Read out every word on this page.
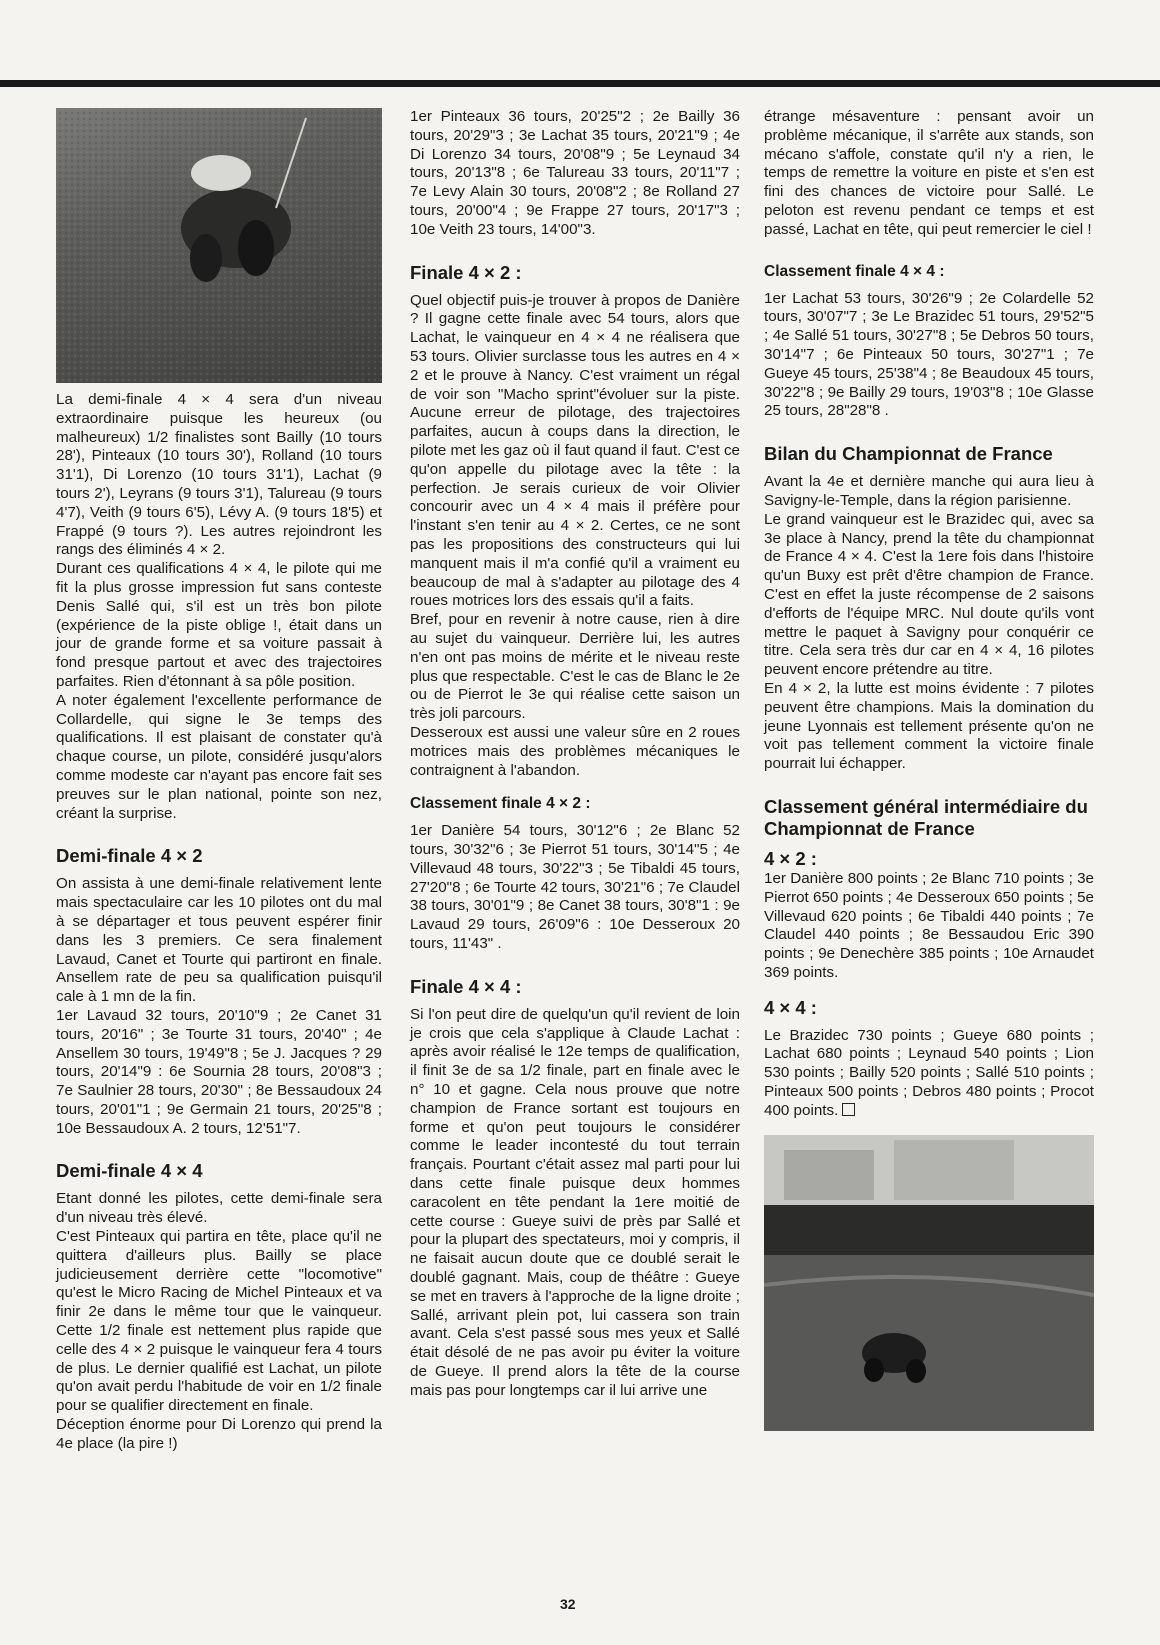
La demi-finale 4 × 4 sera d'un niveau extraordinaire puisque les heureux (ou malheureux) 1/2 finalistes sont Bailly (10 tours 28'), Pinteaux (10 tours 30'), Rolland (10 tours 31'1), Di Lorenzo (10 tours 31'1), Lachat (9 tours 2'), Leyrans (9 tours 3'1), Talureau (9 tours 4'7), Veith (9 tours 6'5), Lévy A. (9 tours 18'5) et Frappé (9 tours ?). Les autres rejoindront les rangs des éliminés 4 × 2.

Durant ces qualifications 4 × 4, le pilote qui me fit la plus grosse impression fut sans conteste Denis Sallé qui, s'il est un très bon pilote (expérience de la piste oblige !, était dans un jour de grande forme et sa voiture passait à fond presque partout et avec des trajectoires parfaites. Rien d'étonnant à sa pôle position.

A noter également l'excellente performance de Collardelle, qui signe le 3e temps des qualifications. Il est plaisant de constater qu'à chaque course, un pilote, considéré jusqu'alors comme modeste car n'ayant pas encore fait ses preuves sur le plan national, pointe son nez, créant la surprise.

Demi-finale 4 × 2

On assista à une demi-finale relativement lente mais spectaculaire car les 10 pilotes ont du mal à se départager et tous peuvent espérer finir dans les 3 premiers. Ce sera finalement Lavaud, Canet et Tourte qui partiront en finale. Ansellem rate de peu sa qualification puisqu'il cale à 1 mn de la fin.

1er Lavaud 32 tours, 20'10"9 ; 2e Canet 31 tours, 20'16" ; 3e Tourte 31 tours, 20'40" ; 4e Ansellem 30 tours, 19'49"8 ; 5e J. Jacques ? 29 tours, 20'14"9 : 6e Sournia 28 tours, 20'08"3 ; 7e Saulnier 28 tours, 20'30" ; 8e Bessaudoux 24 tours, 20'01"1 ; 9e Germain 21 tours, 20'25"8 ; 10e Bessaudoux A. 2 tours, 12'51"7.

Demi-finale 4 × 4

Etant donné les pilotes, cette demi-finale sera d'un niveau très élevé.

C'est Pinteaux qui partira en tête, place qu'il ne quittera d'ailleurs plus. Bailly se place judicieusement derrière cette "locomotive" qu'est le Micro Racing de Michel Pinteaux et va finir 2e dans le même tour que le vainqueur. Cette 1/2 finale est nettement plus rapide que celle des 4 × 2 puisque le vainqueur fera 4 tours de plus. Le dernier qualifié est Lachat, un pilote qu'on avait perdu l'habitude de voir en 1/2 finale pour se qualifier directement en finale.

Déception énorme pour Di Lorenzo qui prend la 4e place (la pire !)

1er Pinteaux 36 tours, 20'25"2 ; 2e Bailly 36 tours, 20'29"3 ; 3e Lachat 35 tours, 20'21"9 ; 4e Di Lorenzo 34 tours, 20'08"9 ; 5e Leynaud 34 tours, 20'13"8 ; 6e Talureau 33 tours, 20'11"7 ; 7e Levy Alain 30 tours, 20'08"2 ; 8e Rolland 27 tours, 20'00"4 ; 9e Frappe 27 tours, 20'17"3 ; 10e Veith 23 tours, 14'00"3.

Finale 4 × 2 :

Quel objectif puis-je trouver à propos de Danière ? Il gagne cette finale avec 54 tours, alors que Lachat, le vainqueur en 4 × 4 ne réalisera que 53 tours. Olivier surclasse tous les autres en 4 × 2 et le prouve à Nancy. C'est vraiment un régal de voir son "Macho sprint"évoluer sur la piste. Aucune erreur de pilotage, des trajectoires parfaites, aucun à coups dans la direction, le pilote met les gaz où il faut quand il faut. C'est ce qu'on appelle du pilotage avec la tête : la perfection. Je serais curieux de voir Olivier concourir avec un 4 × 4 mais il préfère pour l'instant s'en tenir au 4 × 2. Certes, ce ne sont pas les propositions des constructeurs qui lui manquent mais il m'a confié qu'il a vraiment eu beaucoup de mal à s'adapter au pilotage des 4 roues motrices lors des essais qu'il a faits.

Bref, pour en revenir à notre cause, rien à dire au sujet du vainqueur. Derrière lui, les autres n'en ont pas moins de mérite et le niveau reste plus que respectable. C'est le cas de Blanc le 2e ou de Pierrot le 3e qui réalise cette saison un très joli parcours.

Desseroux est aussi une valeur sûre en 2 roues motrices mais des problèmes mécaniques le contraignent à l'abandon.

Classement finale 4 × 2 :

1er Danière 54 tours, 30'12"6 ; 2e Blanc 52 tours, 30'32"6 ; 3e Pierrot 51 tours, 30'14"5 ; 4e Villevaud 48 tours, 30'22"3 ; 5e Tibaldi 45 tours, 27'20"8 ; 6e Tourte 42 tours, 30'21"6 ; 7e Claudel 38 tours, 30'01"9 ; 8e Canet 38 tours, 30'8"1 : 9e Lavaud 29 tours, 26'09"6 : 10e Desseroux 20 tours, 11'43" .

Finale 4 × 4 :

Si l'on peut dire de quelqu'un qu'il revient de loin je crois que cela s'applique à Claude Lachat : après avoir réalisé le 12e temps de qualification, il finit 3e de sa 1/2 finale, part en finale avec le n° 10 et gagne. Cela nous prouve que notre champion de France sortant est toujours en forme et qu'on peut toujours le considérer comme le leader incontesté du tout terrain français. Pourtant c'était assez mal parti pour lui dans cette finale puisque deux hommes caracolent en tête pendant la 1ere moitié de cette course : Gueye suivi de près par Sallé et pour la plupart des spectateurs, moi y compris, il ne faisait aucun doute que ce doublé serait le doublé gagnant. Mais, coup de théâtre : Gueye se met en travers à l'approche de la ligne droite ; Sallé, arrivant plein pot, lui cassera son train avant. Cela s'est passé sous mes yeux et Sallé était désolé de ne pas avoir pu éviter la voiture de Gueye. Il prend alors la tête de la course mais pas pour longtemps car il lui arrive une

étrange mésaventure : pensant avoir un problème mécanique, il s'arrête aux stands, son mécano s'affole, constate qu'il n'y a rien, le temps de remettre la voiture en piste et s'en est fini des chances de victoire pour Sallé. Le peloton est revenu pendant ce temps et est passé, Lachat en tête, qui peut remercier le ciel !

Classement finale 4 × 4 :

1er Lachat 53 tours, 30'26"9 ; 2e Colardelle 52 tours, 30'07"7 ; 3e Le Brazidec 51 tours, 29'52"5 ; 4e Sallé 51 tours, 30'27"8 ; 5e Debros 50 tours, 30'14"7 ; 6e Pinteaux 50 tours, 30'27"1 ; 7e Gueye 45 tours, 25'38"4 ; 8e Beaudoux 45 tours, 30'22"8 ; 9e Bailly 29 tours, 19'03"8 ; 10e Glasse 25 tours, 28"28"8 .

Bilan du Championnat de France

Avant la 4e et dernière manche qui aura lieu à Savigny-le-Temple, dans la région parisienne.

Le grand vainqueur est le Brazidec qui, avec sa 3e place à Nancy, prend la tête du championnat de France 4 × 4. C'est la 1ere fois dans l'histoire qu'un Buxy est prêt d'être champion de France. C'est en effet la juste récompense de 2 saisons d'efforts de l'équipe MRC. Nul doute qu'ils vont mettre le paquet à Savigny pour conquérir ce titre. Cela sera très dur car en 4 × 4, 16 pilotes peuvent encore prétendre au titre.

En 4 × 2, la lutte est moins évidente : 7 pilotes peuvent être champions. Mais la domination du jeune Lyonnais est tellement présente qu'on ne voit pas tellement comment la victoire finale pourrait lui échapper.

Classement général intermédiaire du Championnat de France
4 × 2 :

1er Danière 800 points ; 2e Blanc 710 points ; 3e Pierrot 650 points ; 4e Desseroux 650 points ; 5e Villevaud 620 points ; 6e Tibaldi 440 points ; 7e Claudel 440 points ; 8e Bessaudou Eric 390 points ; 9e Denechère 385 points ; 10e Arnaudet 369 points.

4 × 4 :

Le Brazidec 730 points ; Gueye 680 points ; Lachat 680 points ; Leynaud 540 points ; Lion 530 points ; Bailly 520 points ; Sallé 510 points ; Pinteaux 500 points ; Debros 480 points ; Procot 400 points.

32
